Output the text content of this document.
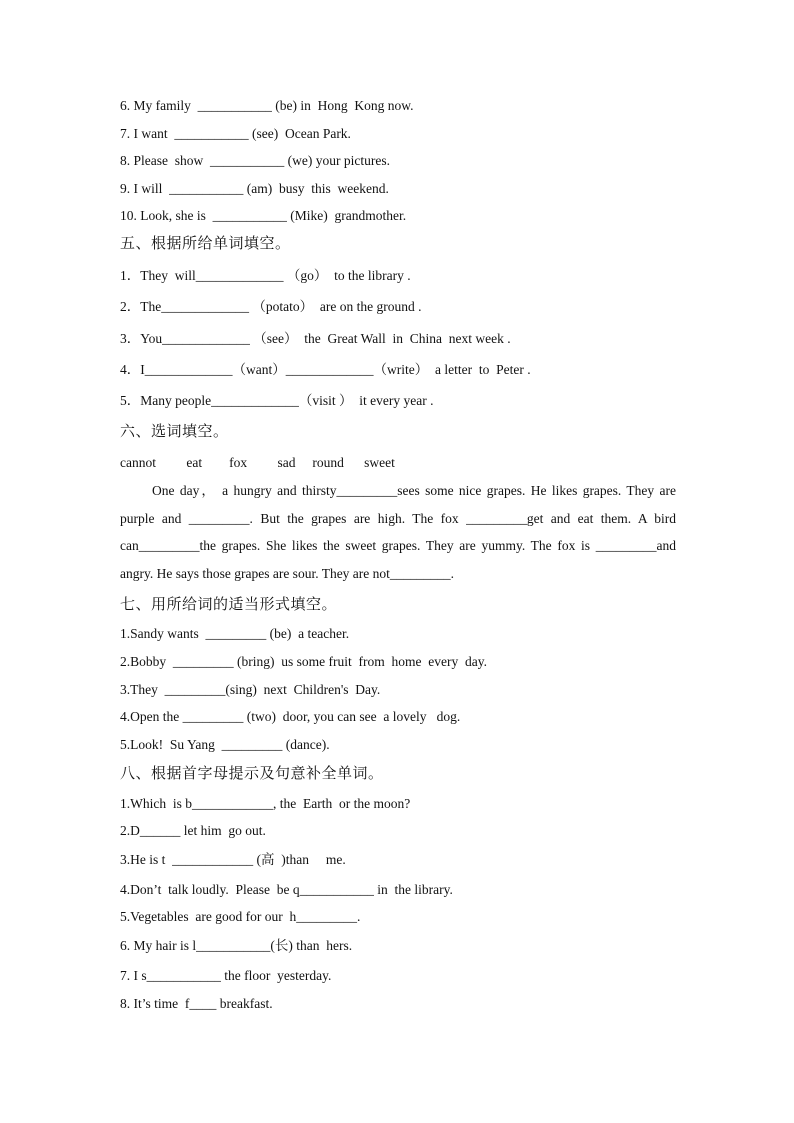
6. My family  ___________ (be) in  Hong  Kong now.
7. I want  ___________ (see)  Ocean Park.
8. Please  show  ___________ (we) your pictures.
9. I will  ___________ (am)  busy  this  weekend.
10. Look, she is  ___________ (Mike)  grandmother.
五、根据所给单词填空。
1．They  will_____________ （go）  to the library .
2．The_____________ （potato）  are on the ground .
3．You_____________ （see）  the  Great Wall  in  China  next week .
4．I_____________（want）_____________（write）  a letter  to  Peter .
5．Many people_____________（visit ）  it every year .
六、选词填空。
cannot         eat        fox         sad     round      sweet
One day， a hungry and thirsty_________sees some nice grapes. He likes grapes. They are purple and _________. But the grapes are high. The fox _________get and eat them. A bird can_________the grapes. She likes the sweet grapes. They are yummy. The fox is _________and angry. He says those grapes are sour. They are not_________.
七、用所给词的适当形式填空。
1.Sandy wants  _________ (be)  a teacher.
2.Bobby  _________ (bring)  us some fruit  from  home  every  day.
3.They  _________(sing)  next  Children's  Day.
4.Open the _________ (two)  door, you can see  a lovely   dog.
5.Look!  Su Yang  _________ (dance).
八、根据首字母提示及句意补全单词。
1.Which  is b____________, the  Earth  or the moon?
2.D______ let him  go out.
3.He is t  ____________ (高  )than     me.
4.Don’t  talk loudly.  Please  be q___________ in  the library.
5.Vegetables  are good for our  h_________.
6. My hair is l___________(长) than  hers.
7. I s___________ the floor  yesterday.
8. It’s time  f____ breakfast.
